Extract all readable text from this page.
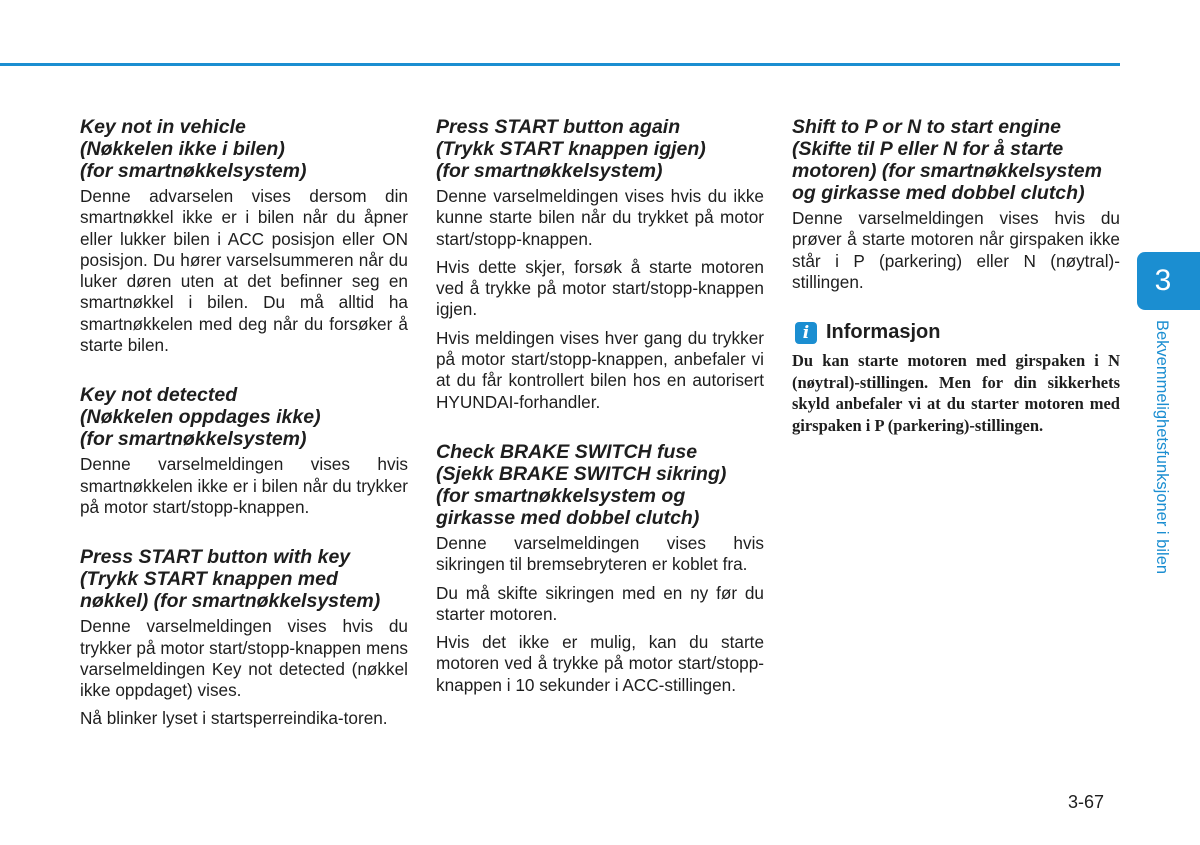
Key not in vehicle
(Nøkkelen ikke i bilen)
(for smartnøkkelsystem)

Denne advarselen vises dersom din smartnøkkel ikke er i bilen når du åpner eller lukker bilen i ACC posisjon eller ON posisjon. Du hører varselsummeren når du luker døren uten at det befinner seg en smartnøkkel i bilen. Du må alltid ha smartnøkkelen med deg når du forsøker å starte bilen.

Key not detected
(Nøkkelen oppdages ikke)
(for smartnøkkelsystem)

Denne varselmeldingen vises hvis smartnøkkelen ikke er i bilen når du trykker på motor start/stopp-knappen.

Press START button with key
(Trykk START knappen med
nøkkel) (for smartnøkkelsystem)

Denne varselmeldingen vises hvis du trykker på motor start/stopp-knappen mens varselmeldingen Key not detected (nøkkel ikke oppdaget) vises.

Nå blinker lyset i startsperreindika-toren.

Press START button again
(Trykk START knappen igjen)
(for smartnøkkelsystem)

Denne varselmeldingen vises hvis du ikke kunne starte bilen når du trykket på motor start/stopp-knappen.

Hvis dette skjer, forsøk å starte motoren ved å trykke på motor start/stopp-knappen igjen.

Hvis meldingen vises hver gang du trykker på motor start/stopp-knappen, anbefaler vi at du får kontrollert bilen hos en autorisert HYUNDAI-forhandler.

Check BRAKE SWITCH fuse
(Sjekk BRAKE SWITCH sikring)
(for smartnøkkelsystem og
girkasse med dobbel clutch)

Denne varselmeldingen vises hvis sikringen til bremsebryteren er koblet fra.

Du må skifte sikringen med en ny før du starter motoren.

Hvis det ikke er mulig, kan du starte motoren ved å trykke på motor start/stopp-knappen i 10 sekunder i ACC-stillingen.

Shift to P or N to start engine
(Skifte til P eller N for å starte
motoren) (for smartnøkkelsystem
og girkasse med dobbel clutch)

Denne varselmeldingen vises hvis du prøver å starte motoren når girspaken ikke står i P (parkering) eller N (nøytral)-stillingen.

i Informasjon

Du kan starte motoren med girspaken i N (nøytral)-stillingen. Men for din sikkerhets skyld anbefaler vi at du starter motoren med girspaken i P (parkering)-stillingen.

3
Bekvemmelighetsfunksjoner i bilen
3-67
